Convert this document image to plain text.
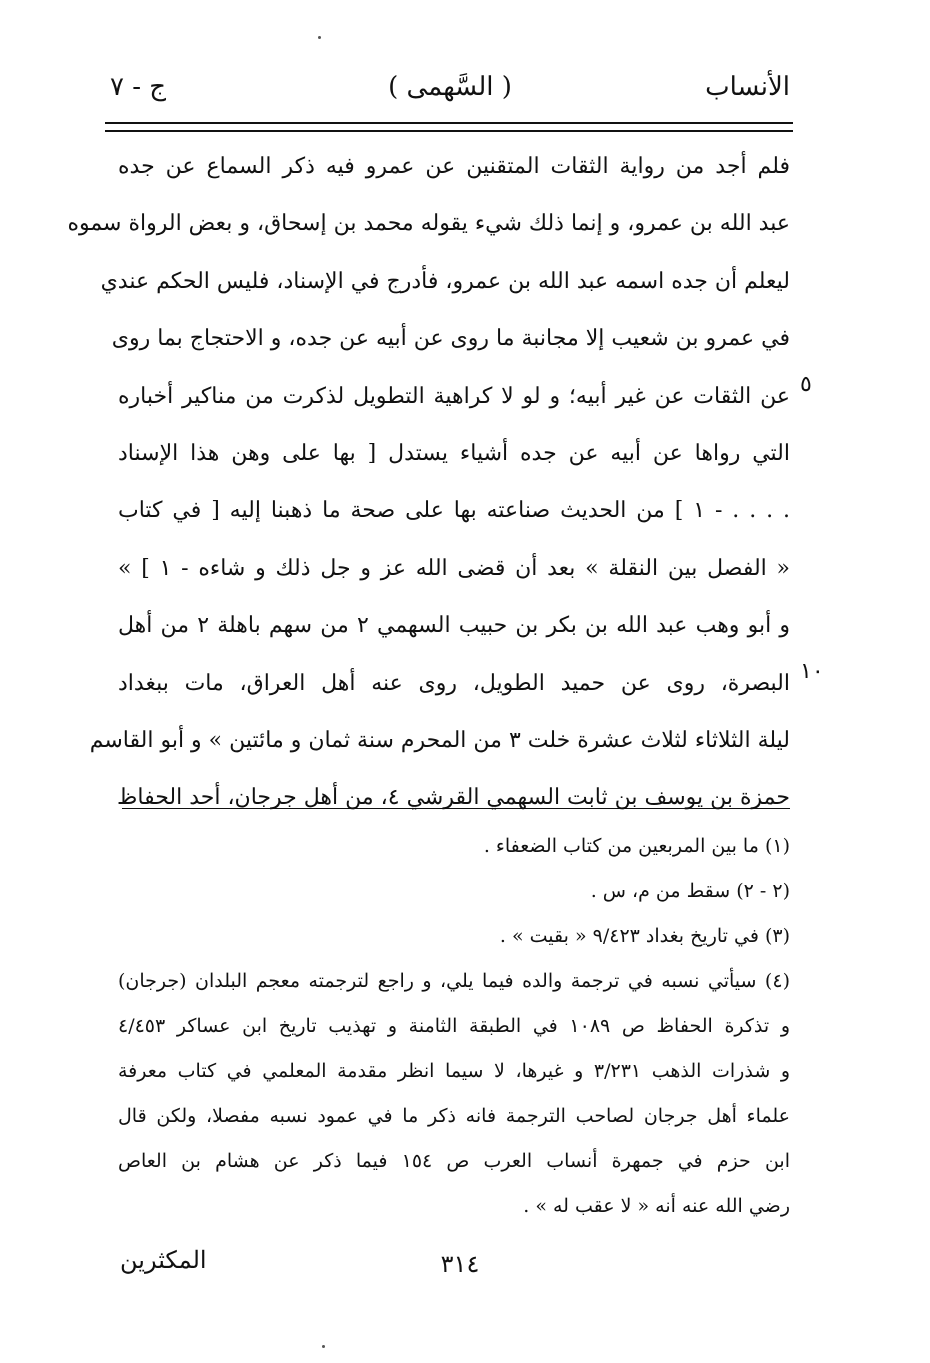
الأنساب
( السَّهمى )
ج - ٧
فلم أجد من رواية الثقات المتقنين عن عمرو فيه ذكر السماع عن جده
عبد الله بن عمرو، و إنما ذلك شيء يقوله محمد بن إسحاق، و بعض الرواة سموه
ليعلم أن جده اسمه عبد الله بن عمرو، فأدرج في الإسناد، فليس الحكم عندي
في عمرو بن شعيب إلا مجانبة ما روى عن أبيه عن جده، و الاحتجاج بما روى
عن الثقات عن غير أبيه؛ و لو لا كراهية التطويل لذكرت من مناكير أخباره
التي رواها عن أبيه عن جده أشياء يستدل [ بها على وهن هذا الإسناد
. . . . - ١ ] من الحديث صناعته بها على صحة ما ذهبنا إليه [ في كتاب
« الفصل بين النقلة » بعد أن قضى الله عز و جل ذلك و شاءه - ١ ] »
و أبو وهب عبد الله بن بكر بن حبيب السهمي ٢ من سهم باهلة ٢ من أهل
البصرة، روى عن حميد الطويل، روى عنه أهل العراق، مات ببغداد
ليلة الثلاثاء لثلاث عشرة خلت ٣ من المحرم سنة ثمان و مائتين » و أبو القاسم
حمزة بن يوسف بن ثابت السهمي القرشي ٤، من أهل جرجان، أحد الحفاظ
٥
١٠
(١) ما بين المربعين من كتاب الضعفاء .
(٢ - ٢) سقط من م، س .
(٣) في تاريخ بغداد ٩/٤٢٣ « بقيت » .
(٤) سيأتي نسبه في ترجمة والده فيما يلي، و راجع لترجمته معجم البلدان (جرجان)
و تذكرة الحفاظ ص ١٠٨٩ في الطبقة الثامنة و تهذيب تاريخ ابن عساكر ٤/٤٥٣
و شذرات الذهب ٣/٢٣١ و غيرها، لا سيما انظر مقدمة المعلمي في كتاب معرفة
علماء أهل جرجان لصاحب الترجمة فانه ذكر ما في عمود نسبه مفصلا، ولكن قال
ابن حزم في جمهرة أنساب العرب ص ١٥٤ فيما ذكر عن هشام بن العاص
رضي الله عنه أنه « لا عقب له » .
٣١٤
المكثرين
